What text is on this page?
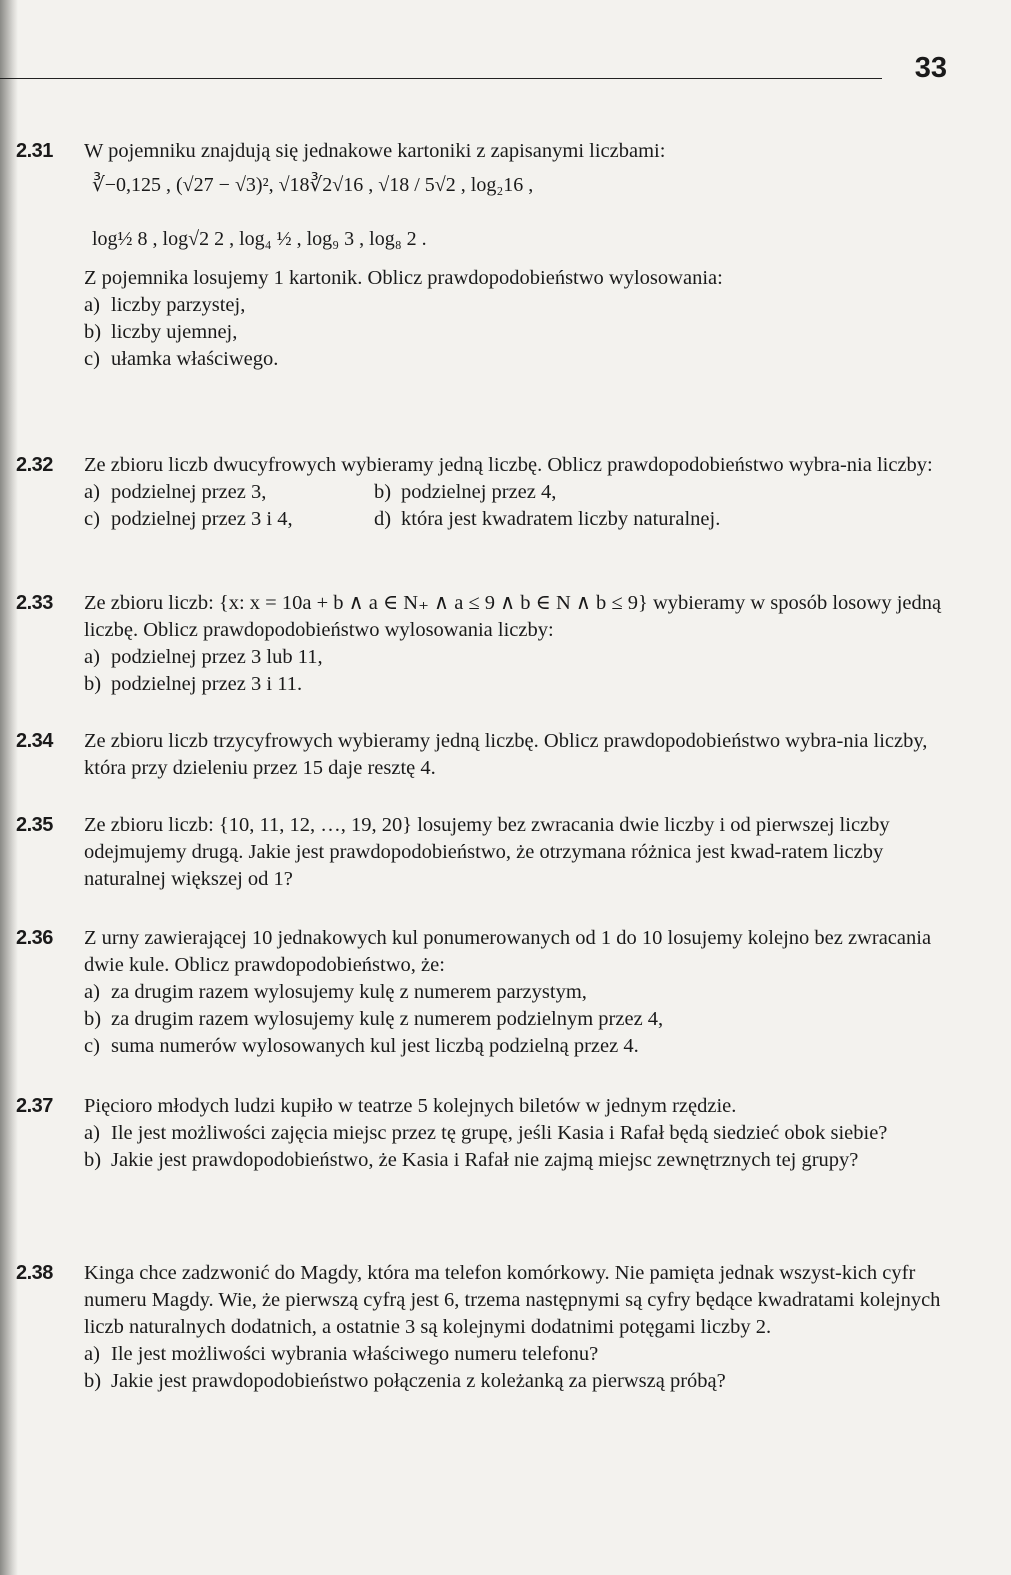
33
2.31 W pojemniku znajdują się jednakowe kartoniki z zapisanymi liczbami:
∛−0,125 , (√27 − √3)², √18∛2√16 , √18 / 5√2 , log₂16 ,
log½ 8 , log√2 2 , log₄ ½ , log₉ 3 , log₈ 2 .
Z pojemnika losujemy 1 kartonik. Oblicz prawdopodobieństwo wylosowania:
a) liczby parzystej,
b) liczby ujemnej,
c) ułamka właściwego.
2.32 Ze zbioru liczb dwucyfrowych wybieramy jedną liczbę. Oblicz prawdopodobieństwo wybra-nia liczby:
a) podzielnej przez 3,	b) podzielnej przez 4,
c) podzielnej przez 3 i 4,	d) która jest kwadratem liczby naturalnej.
2.33 Ze zbioru liczb: {x: x = 10a + b ∧ a ∈ N₊ ∧ a ≤ 9 ∧ b ∈ N ∧ b ≤ 9} wybieramy w sposób losowy jedną liczbę. Oblicz prawdopodobieństwo wylosowania liczby:
a) podzielnej przez 3 lub 11,
b) podzielnej przez 3 i 11.
2.34 Ze zbioru liczb trzycyfrowych wybieramy jedną liczbę. Oblicz prawdopodobieństwo wybra-nia liczby, która przy dzieleniu przez 15 daje resztę 4.
2.35 Ze zbioru liczb: {10, 11, 12, …, 19, 20} losujemy bez zwracania dwie liczby i od pierwszej liczby odejmujemy drugą. Jakie jest prawdopodobieństwo, że otrzymana różnica jest kwad-ratem liczby naturalnej większej od 1?
2.36 Z urny zawierającej 10 jednakowych kul ponumerowanych od 1 do 10 losujemy kolejno bez zwracania dwie kule. Oblicz prawdopodobieństwo, że:
a) za drugim razem wylosujemy kulę z numerem parzystym,
b) za drugim razem wylosujemy kulę z numerem podzielnym przez 4,
c) suma numerów wylosowanych kul jest liczbą podzielną przez 4.
2.37 Pięcioro młodych ludzi kupiło w teatrze 5 kolejnych biletów w jednym rzędzie.
a) Ile jest możliwości zajęcia miejsc przez tę grupę, jeśli Kasia i Rafał będą siedzieć obok siebie?
b) Jakie jest prawdopodobieństwo, że Kasia i Rafał nie zajmą miejsc zewnętrznych tej grupy?
2.38 Kinga chce zadzwonić do Magdy, która ma telefon komórkowy. Nie pamięta jednak wszyst-kich cyfr numeru Magdy. Wie, że pierwszą cyfrą jest 6, trzema następnymi są cyfry będące kwadratami kolejnych liczb naturalnych dodatnich, a ostatnie 3 są kolejnymi dodatnimi potęgami liczby 2.
a) Ile jest możliwości wybrania właściwego numeru telefonu?
b) Jakie jest prawdopodobieństwo połączenia z koleżanką za pierwszą próbą?
